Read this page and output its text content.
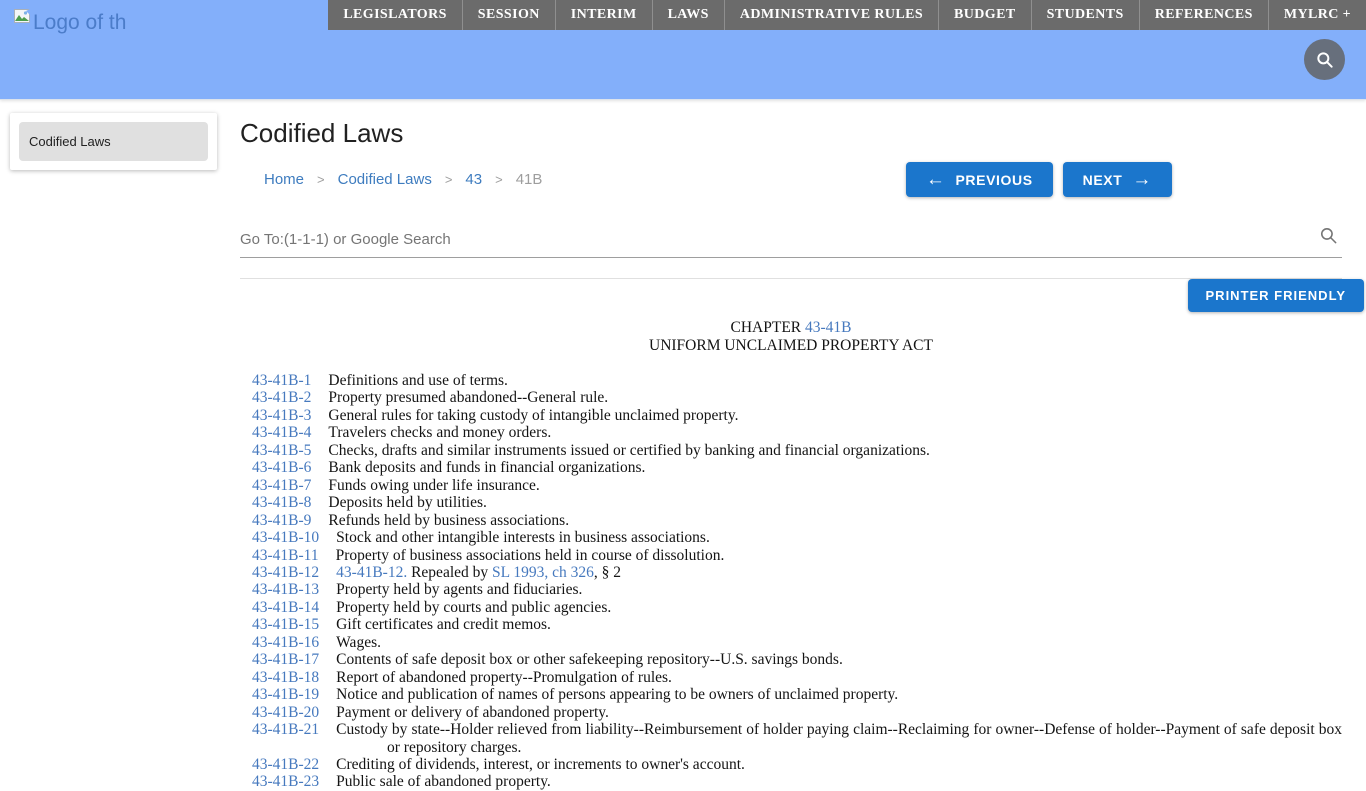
Logo of th	LEGISLATORS	SESSION	INTERIM	LAWS	ADMINISTRATIVE RULES	BUDGET	STUDENTS	REFERENCES	MYLRC +
Codified Laws	Codified Laws
Home > Codified Laws > 43 > 41B	← PREVIOUS	NEXT →
Go To:(1-1-1) or Google Search
PRINTER FRIENDLY
CHAPTER 43-41B
UNIFORM UNCLAIMED PROPERTY ACT

43-41B-1 Definitions and use of terms.

43-41B-2 Property presumed abandoned--General rule.

43-41B-3 General rules for taking custody of intangible unclaimed property.

43-41B-4 Travelers checks and money orders.

43-41B-5 Checks, drafts and similar instruments issued or certified by banking and financial organizations.

43-41B-6 Bank deposits and funds in financial organizations.

43-41B-7 Funds owing under life insurance.

43-41B-8 Deposits held by utilities.

43-41B-9 Refunds held by business associations.

43-41B-10 Stock and other intangible interests in business associations.

43-41B-11 Property of business associations held in course of dissolution.

43-41B-12 43-41B-12. Repealed by SL 1993, ch 326, § 2

43-41B-13 Property held by agents and fiduciaries.

43-41B-14 Property held by courts and public agencies.

43-41B-15 Gift certificates and credit memos.

43-41B-16 Wages.

43-41B-17 Contents of safe deposit box or other safekeeping repository--U.S. savings bonds.

43-41B-18 Report of abandoned property--Promulgation of rules.

43-41B-19 Notice and publication of names of persons appearing to be owners of unclaimed property.

43-41B-20 Payment or delivery of abandoned property.

43-41B-21 Custody by state--Holder relieved from liability--Reimbursement of holder paying claim--Reclaiming for owner--Defense of holder--Payment of safe deposit box or repository charges.

43-41B-22 Crediting of dividends, interest, or increments to owner's account.

43-41B-23 Public sale of abandoned property.
